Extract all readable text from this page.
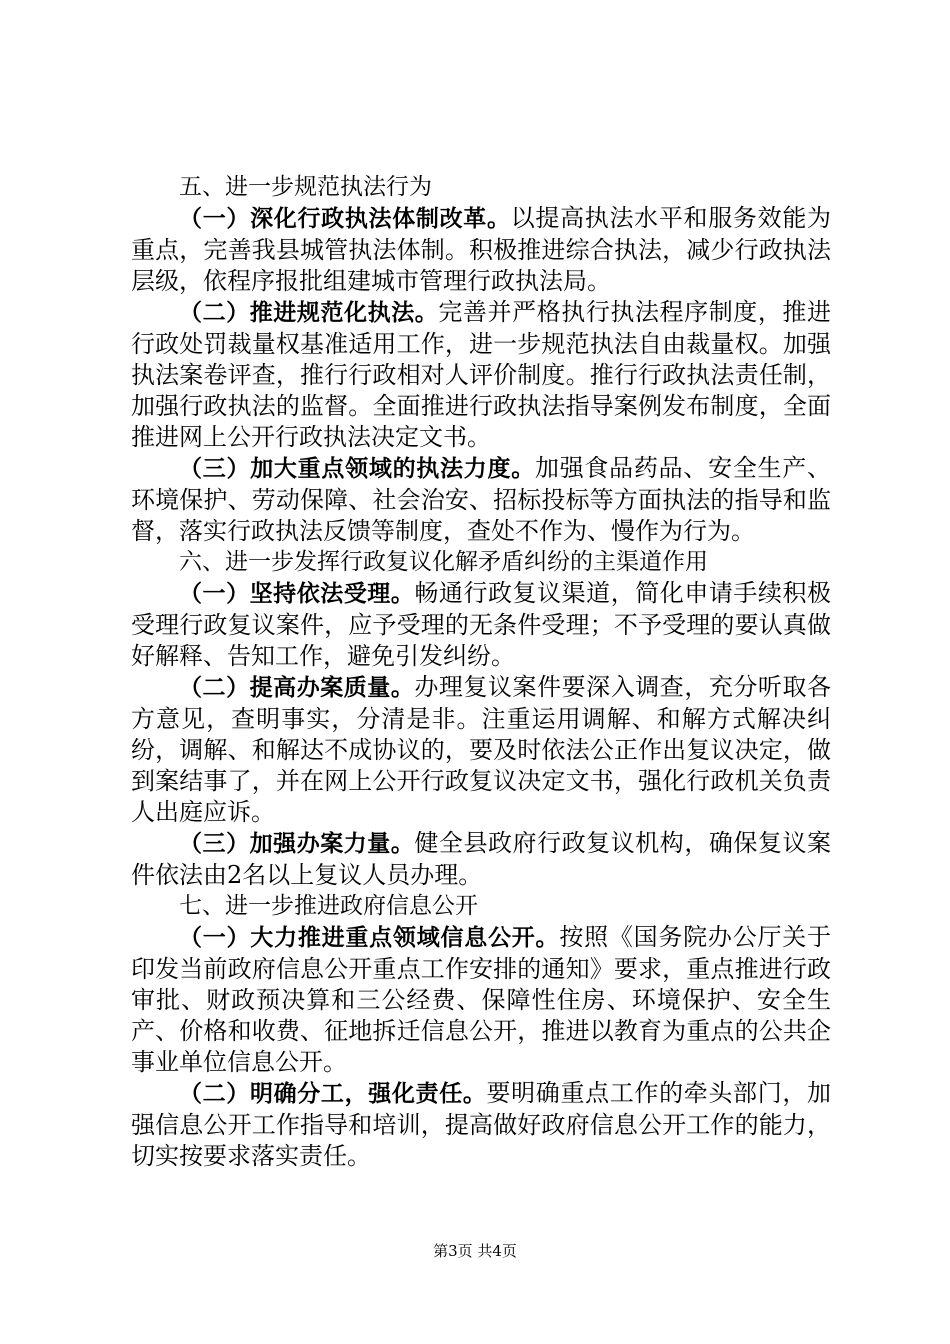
五、进一步规范执法行为

（一）深化行政执法体制改革。以提高执法水平和服务效能为重点，完善我县城管执法体制。积极推进综合执法，减少行政执法层级，依程序报批组建城市管理行政执法局。

（二）推进规范化执法。完善并严格执行执法程序制度，推进行政处罚裁量权基准适用工作，进一步规范执法自由裁量权。加强执法案卷评查，推行行政相对人评价制度。推行行政执法责任制，加强行政执法的监督。全面推进行政执法指导案例发布制度，全面推进网上公开行政执法决定文书。

（三）加大重点领域的执法力度。加强食品药品、安全生产、环境保护、劳动保障、社会治安、招标投标等方面执法的指导和监督，落实行政执法反馈等制度，查处不作为、慢作为行为。

六、进一步发挥行政复议化解矛盾纠纷的主渠道作用

（一）坚持依法受理。畅通行政复议渠道，简化申请手续积极受理行政复议案件，应予受理的无条件受理；不予受理的要认真做好解释、告知工作，避免引发纠纷。

（二）提高办案质量。办理复议案件要深入调查，充分听取各方意见，查明事实，分清是非。注重运用调解、和解方式解决纠纷，调解、和解达不成协议的，要及时依法公正作出复议决定，做到案结事了，并在网上公开行政复议决定文书，强化行政机关负责人出庭应诉。

（三）加强办案力量。健全县政府行政复议机构，确保复议案件依法由2名以上复议人员办理。

七、进一步推进政府信息公开

（一）大力推进重点领域信息公开。按照《国务院办公厅关于印发当前政府信息公开重点工作安排的通知》要求，重点推进行政审批、财政预决算和三公经费、保障性住房、环境保护、安全生产、价格和收费、征地拆迁信息公开，推进以教育为重点的公共企事业单位信息公开。

（二）明确分工，强化责任。要明确重点工作的牵头部门，加强信息公开工作指导和培训，提高做好政府信息公开工作的能力，切实按要求落实责任。

第3页 共4页
